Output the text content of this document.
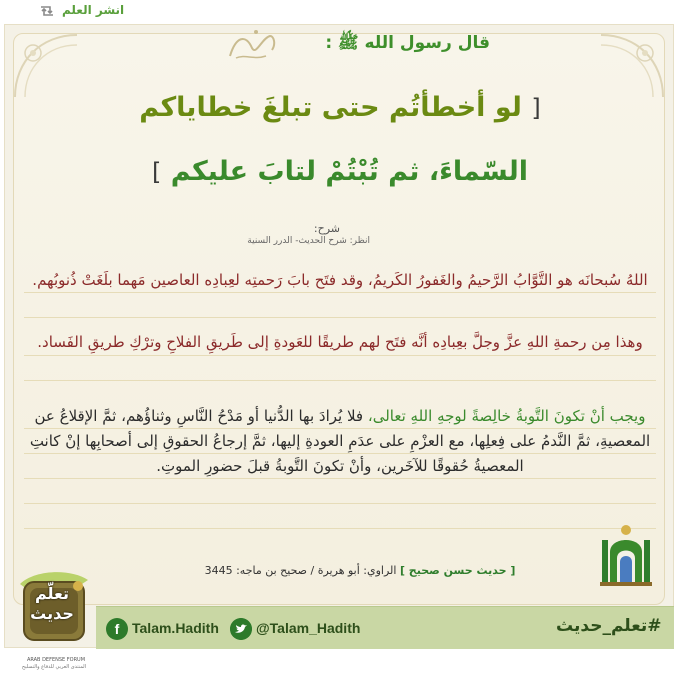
انشر العلم
قال رسول الله ﷺ :
[ لو أخطأتُم حتى تبلغَ خطاياكم
السّماءَ، ثم تُبْتُمْ لتابَ عليكم ]
شرح:
انظر: شرح الحديث- الدرر السنية
اللهُ سُبحانَه هو التَّوَّابُ الرَّحيمُ والغَفورُ الكَريمُ، وقد فتَح بابَ رَحمتِه لعِبادِه العاصين مَهما بلَغَتْ ذُنوبُهم.
وهذا مِن رحمةِ اللهِ عزَّ وجلَّ بعِبادِه أنَّه فتَح لهم طريقًا للعَودةِ إلى طَريقِ الفلاحِ وترْكِ طريقِ الفَساد.
ويجب أنْ تكونَ التَّوبةُ خالِصةً لوجهِ اللهِ تعالى، فلا يُرادَ بها الدُّنيا أو مَدْحُ النَّاسِ وثناؤُهم، ثمَّ الإقلاعُ عن المعصيةِ، ثمَّ النَّدمُ على فِعلِها، مع العزْمِ على عدَمِ العودةِ إليها، ثمَّ إرجاعُ الحقوقِ إلى أصحابِها إنْ كانتِ المعصيةُ حُقوقًا للآخَرين، وأنْ تكونَ التَّوبةُ قبلَ حضورِ الموتِ.
[ حديث حسن صحيح ] الراوي: أبو هريرة / صحيح بن ماجه: 3445
f Talam.Hadith	@Talam_Hadith	#تعلم_حديث
تعلّم
حديث
ARAB DEFENSE FORUM
المنتدى العربي للدفاع والتسليح
